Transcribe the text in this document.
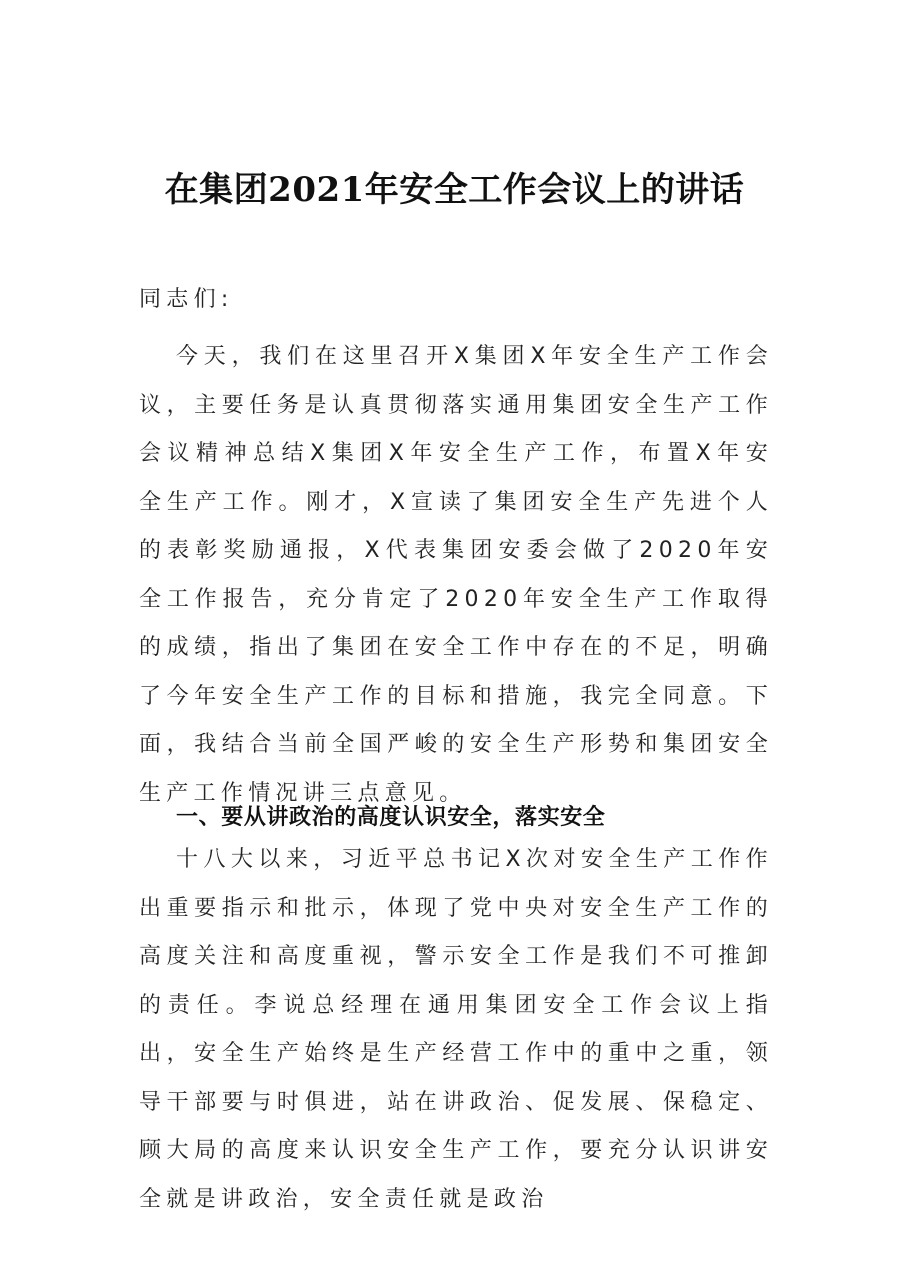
在集团2021年安全工作会议上的讲话

同志们:

今天，我们在这里召开X集团X年安全生产工作会议，主要任务是认真贯彻落实通用集团安全生产工作会议精神总结X集团X年安全生产工作，布置X年安全生产工作。刚才，X宣读了集团安全生产先进个人的表彰奖励通报，X代表集团安委会做了2020年安全工作报告，充分肯定了2020年安全生产工作取得的成绩，指出了集团在安全工作中存在的不足，明确了今年安全生产工作的目标和措施，我完全同意。下面，我结合当前全国严峻的安全生产形势和集团安全生产工作情况讲三点意见。

一、要从讲政治的高度认识安全，落实安全

十八大以来，习近平总书记X次对安全生产工作作出重要指示和批示，体现了党中央对安全生产工作的高度关注和高度重视，警示安全工作是我们不可推卸的责任。李说总经理在通用集团安全工作会议上指出，安全生产始终是生产经营工作中的重中之重，领导干部要与时俱进，站在讲政治、促发展、保稳定、顾大局的高度来认识安全生产工作，要充分认识讲安全就是讲政治，安全责任就是政治
